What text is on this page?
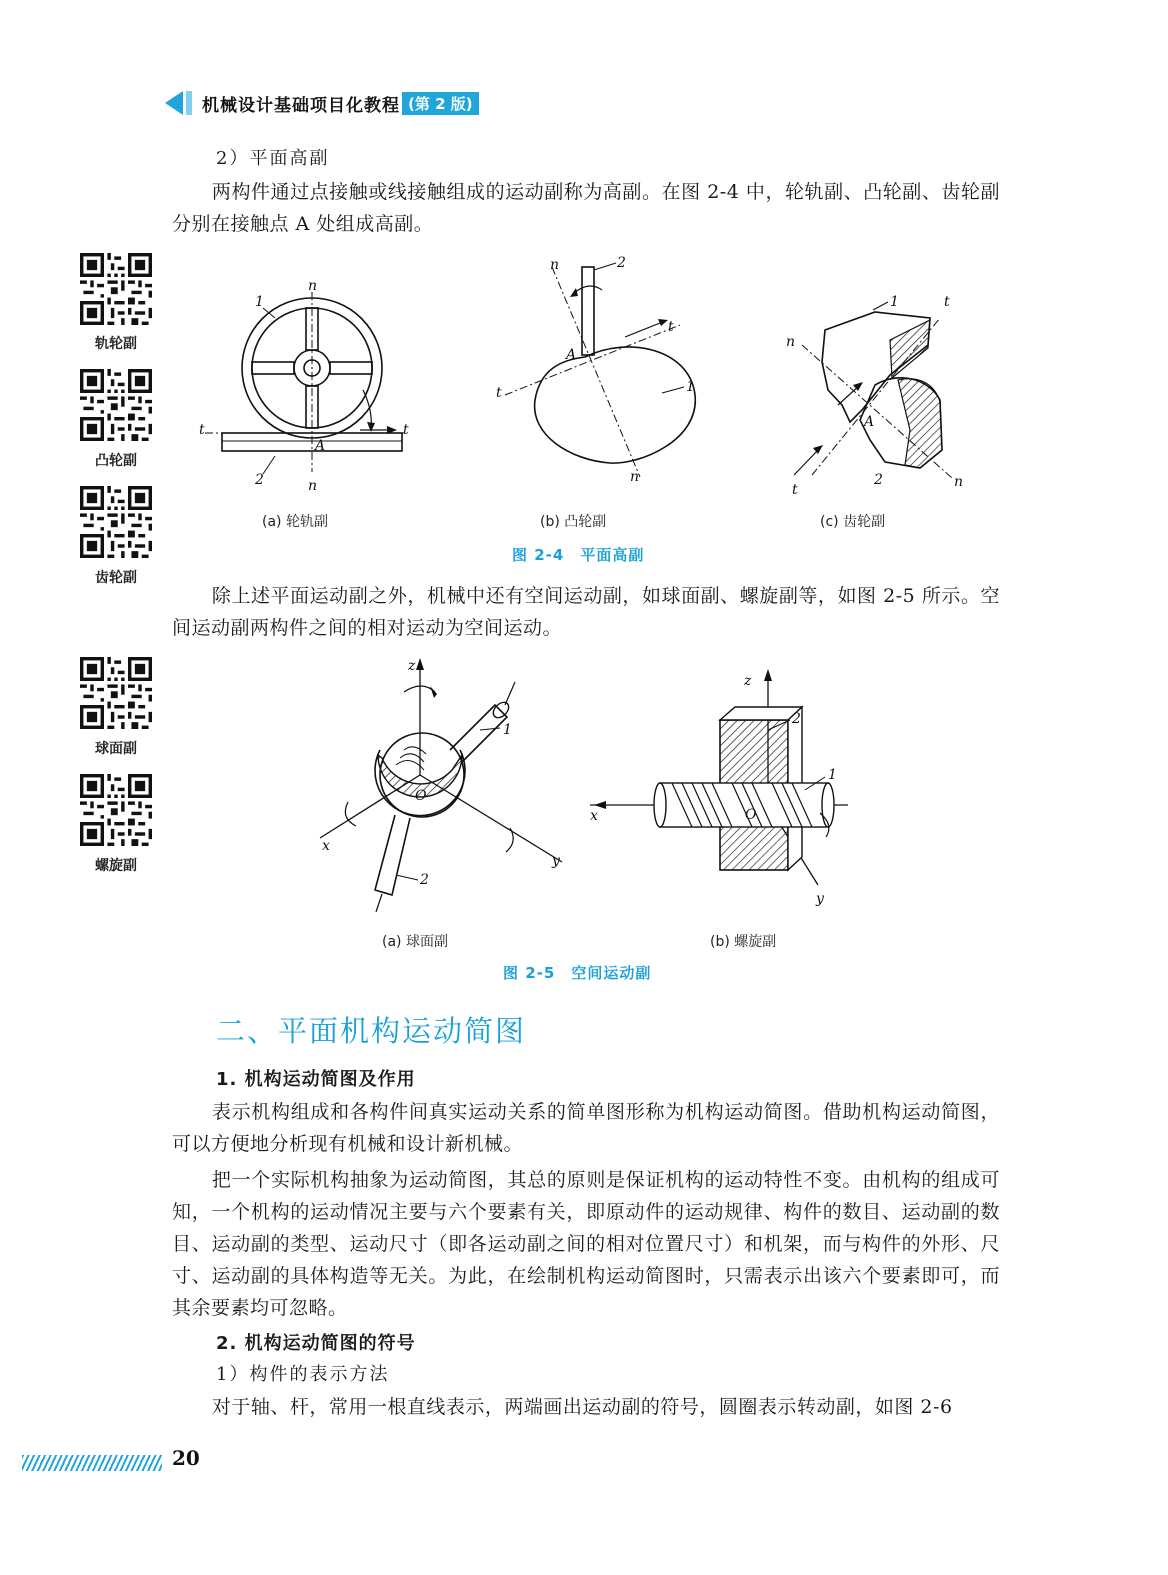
机械设计基础项目化教程 (第 2 版)
2）平面高副

两构件通过点接触或线接触组成的运动副称为高副。在图 2-4 中，轮轨副、凸轮副、齿轮副分别在接触点 A 处组成高副。

轨轮副
凸轮副
齿轮副
球面副
螺旋副
n
1
t	t
A
2	n
(a) 轮轨副
n	2
t
A
t	1
n
(b) 凸轮副
1	t
n
A
t
2	n
(c) 齿轮副
图 2-4　平面高副

除上述平面运动副之外，机械中还有空间运动副，如球面副、螺旋副等，如图 2-5 所示。空间运动副两构件之间的相对运动为空间运动。

z
1
O
x
y
2
(a) 球面副
z
2
1
x	O
y
(b) 螺旋副
图 2-5　空间运动副
二、平面机构运动简图
1. 机构运动简图及作用

表示机构组成和各构件间真实运动关系的简单图形称为机构运动简图。借助机构运动简图，可以方便地分析现有机械和设计新机械。

把一个实际机构抽象为运动简图，其总的原则是保证机构的运动特性不变。由机构的组成可知，一个机构的运动情况主要与六个要素有关，即原动件的运动规律、构件的数目、运动副的数目、运动副的类型、运动尺寸（即各运动副之间的相对位置尺寸）和机架，而与构件的外形、尺寸、运动副的具体构造等无关。为此，在绘制机构运动简图时，只需表示出该六个要素即可，而其余要素均可忽略。

2. 机构运动简图的符号
1）构件的表示方法

对于轴、杆，常用一根直线表示，两端画出运动副的符号，圆圈表示转动副，如图 2-6

20
